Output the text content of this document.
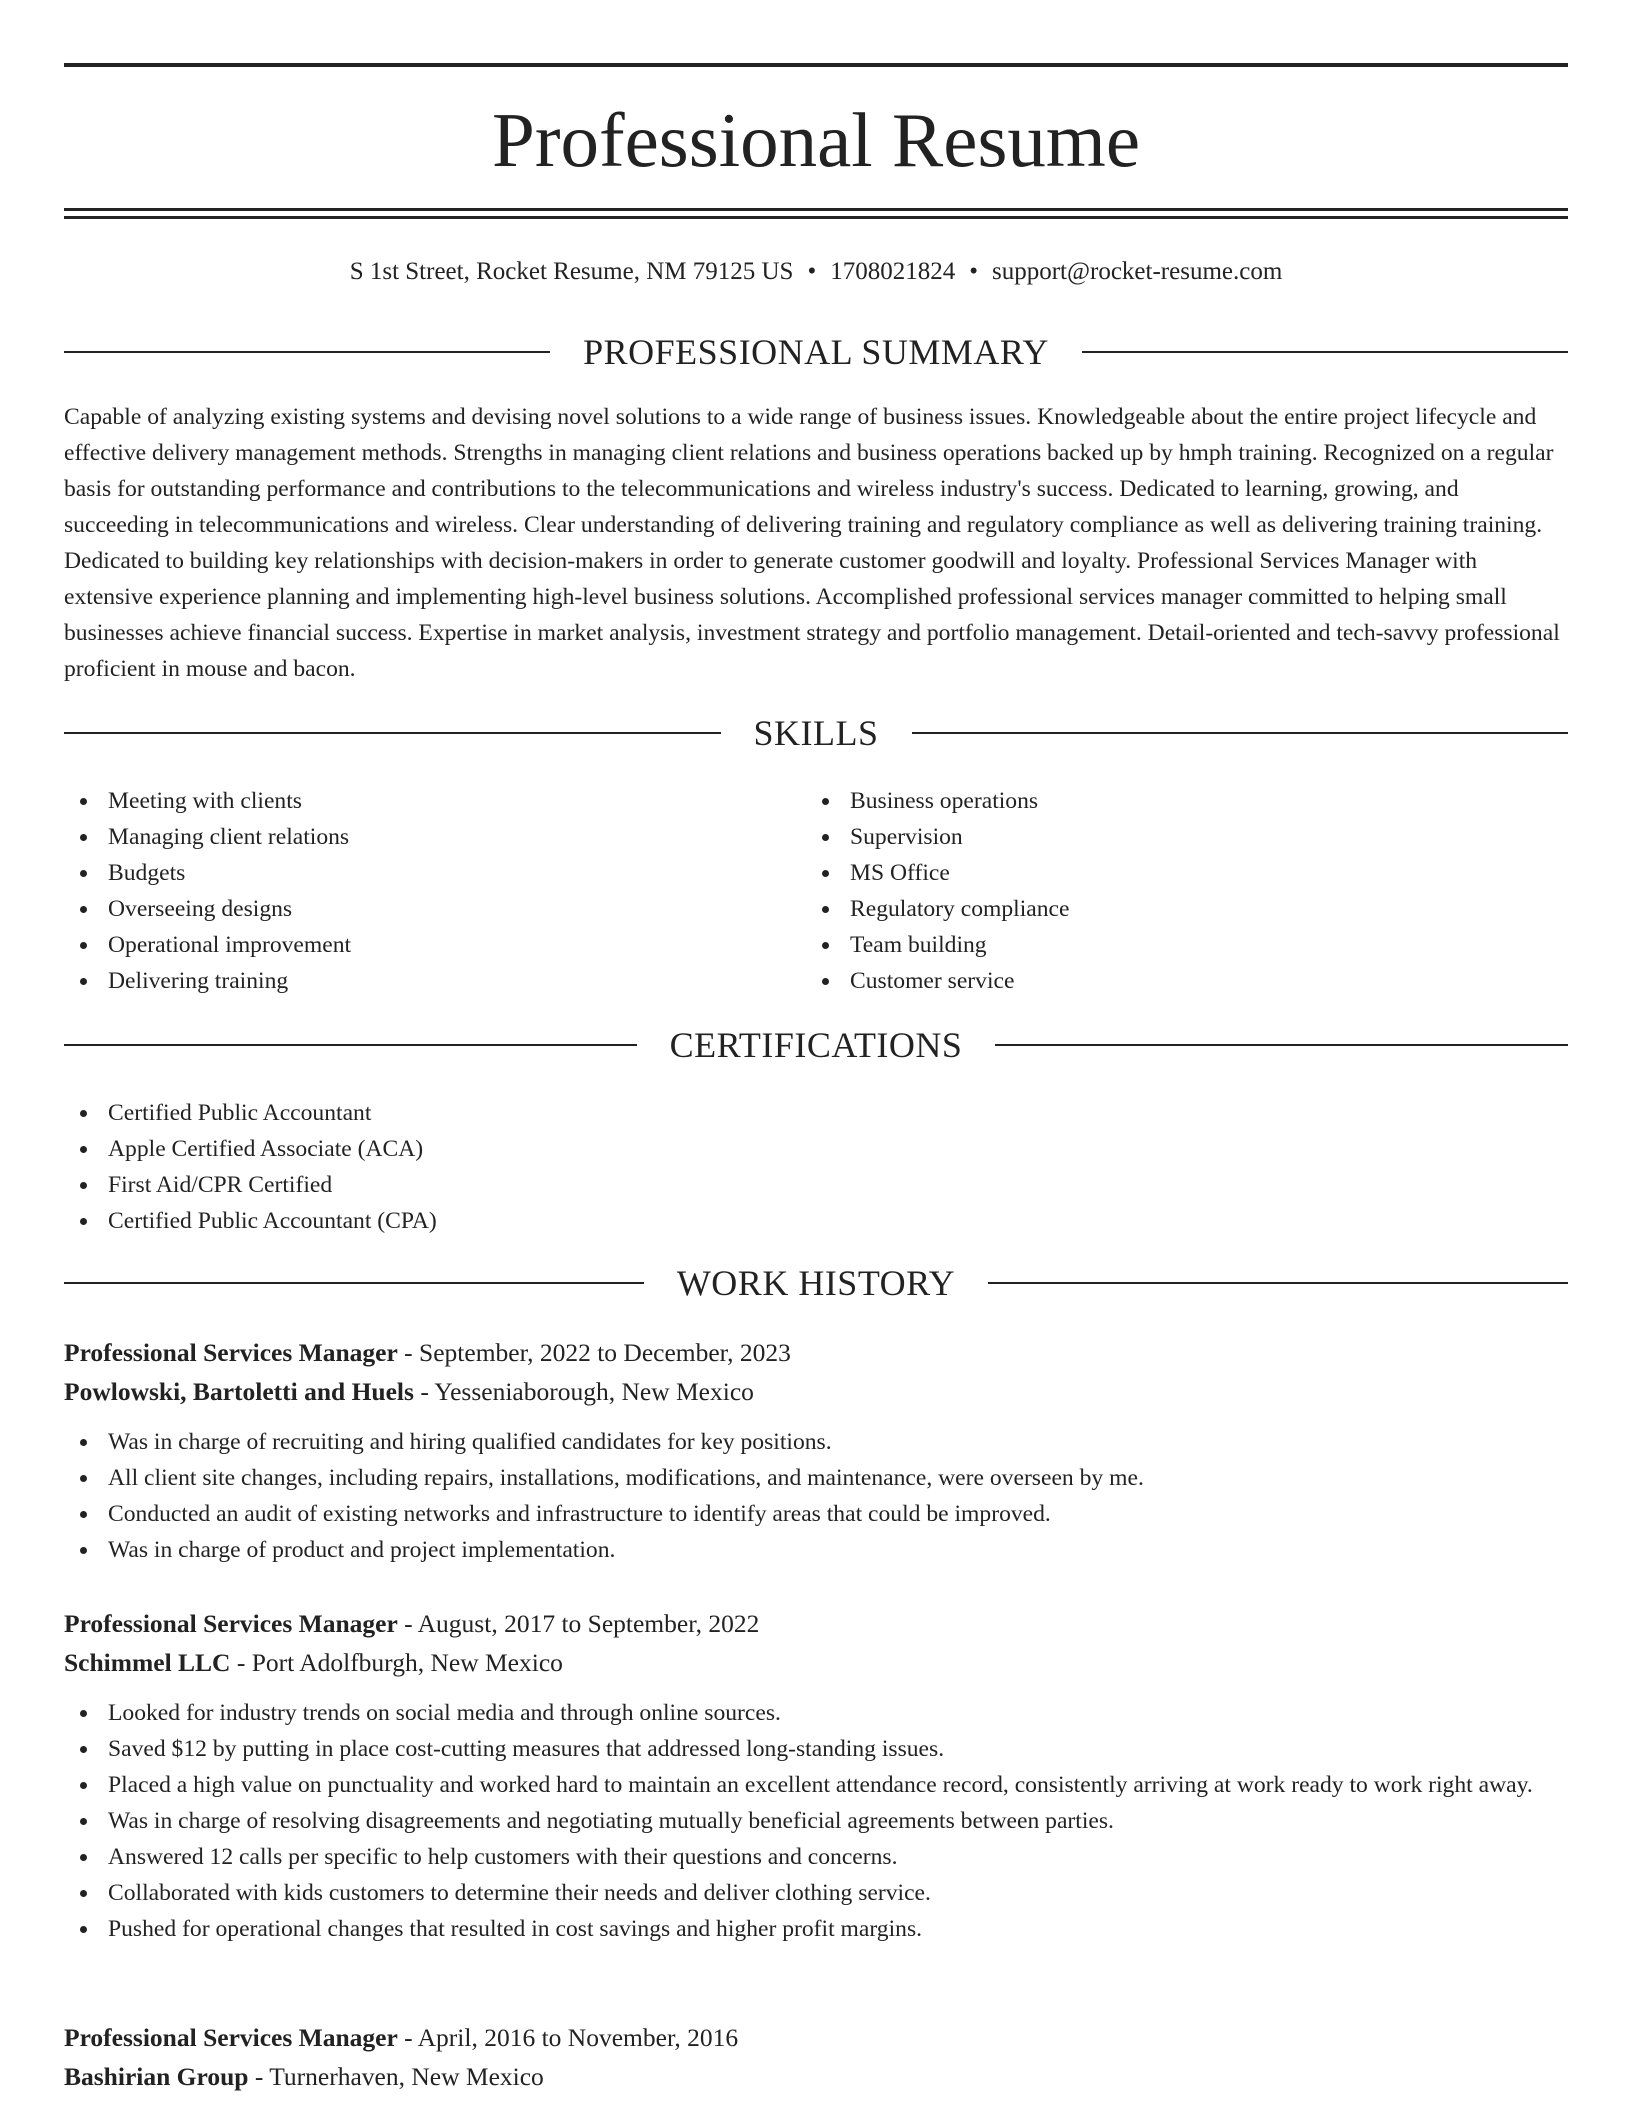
Professional Resume
S 1st Street, Rocket Resume, NM 79125 US • 1708021824 • support@rocket-resume.com
PROFESSIONAL SUMMARY

Capable of analyzing existing systems and devising novel solutions to a wide range of business issues. Knowledgeable about the entire project lifecycle and effective delivery management methods. Strengths in managing client relations and business operations backed up by hmph training. Recognized on a regular basis for outstanding performance and contributions to the telecommunications and wireless industry's success. Dedicated to learning, growing, and succeeding in telecommunications and wireless. Clear understanding of delivering training and regulatory compliance as well as delivering training training. Dedicated to building key relationships with decision-makers in order to generate customer goodwill and loyalty. Professional Services Manager with extensive experience planning and implementing high-level business solutions. Accomplished professional services manager committed to helping small businesses achieve financial success. Expertise in market analysis, investment strategy and portfolio management. Detail-oriented and tech-savvy professional proficient in mouse and bacon.

SKILLS
Meeting with clients
Managing client relations
Budgets
Overseeing designs
Operational improvement
Delivering training
Business operations
Supervision
MS Office
Regulatory compliance
Team building
Customer service
CERTIFICATIONS
Certified Public Accountant
Apple Certified Associate (ACA)
First Aid/CPR Certified
Certified Public Accountant (CPA)
WORK HISTORY
Professional Services Manager - September, 2022 to December, 2023
Powlowski, Bartoletti and Huels - Yesseniaborough, New Mexico
Was in charge of recruiting and hiring qualified candidates for key positions.
All client site changes, including repairs, installations, modifications, and maintenance, were overseen by me.
Conducted an audit of existing networks and infrastructure to identify areas that could be improved.
Was in charge of product and project implementation.
Professional Services Manager - August, 2017 to September, 2022
Schimmel LLC - Port Adolfburgh, New Mexico
Looked for industry trends on social media and through online sources.
Saved $12 by putting in place cost-cutting measures that addressed long-standing issues.
Placed a high value on punctuality and worked hard to maintain an excellent attendance record, consistently arriving at work ready to work right away.
Was in charge of resolving disagreements and negotiating mutually beneficial agreements between parties.
Answered 12 calls per specific to help customers with their questions and concerns.
Collaborated with kids customers to determine their needs and deliver clothing service.
Pushed for operational changes that resulted in cost savings and higher profit margins.
Professional Services Manager - April, 2016 to November, 2016
Bashirian Group - Turnerhaven, New Mexico
